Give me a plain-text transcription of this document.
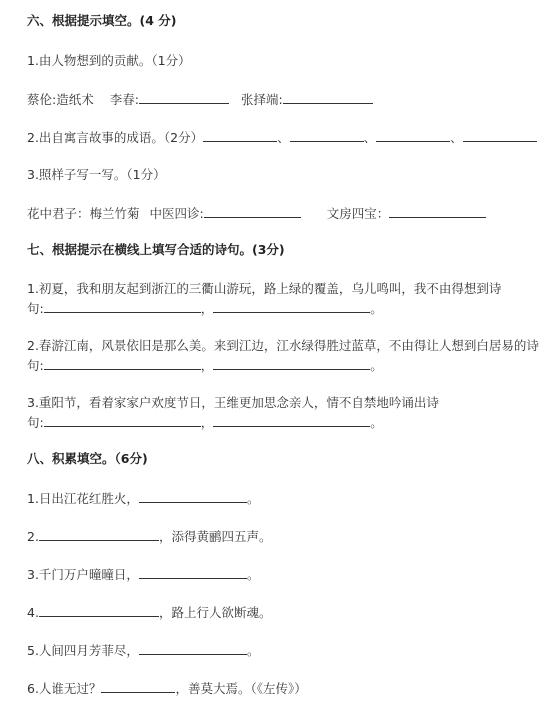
六、根据提示填空。(4 分)
1.由人物想到的贡献。（1分）
蔡伦:造纸术 李春:	张择端:
2.出自寓言故事的成语。（2分）	、	、	、
3.照样子写一写。（1分）
花中君子：梅兰竹菊 中医四诊:	文房四宝：
七、根据提示在横线上填写合适的诗句。(3分)
1.初夏，我和朋友起到浙江的三衢山游玩，路上绿的覆盖，乌儿鸣叫，我不由得想到诗
句:	，	。
2.春游江南，风景依旧是那么美。来到江边，江水绿得胜过蓝草，不由得让人想到白居易的诗
句:	，	。
3.重阳节，看着家家户欢度节日，王维更加思念亲人，情不自禁地吟诵出诗
句:	，	。
八、积累填空。（6分)
1.日出江花红胜火，	。
2.	，添得黄鹂四五声。
3.千门万户曈曈日，	。
4.	，路上行人欲断魂。
5.人间四月芳菲尽，	。
6.人谁无过？	，善莫大焉。（《左传》）
